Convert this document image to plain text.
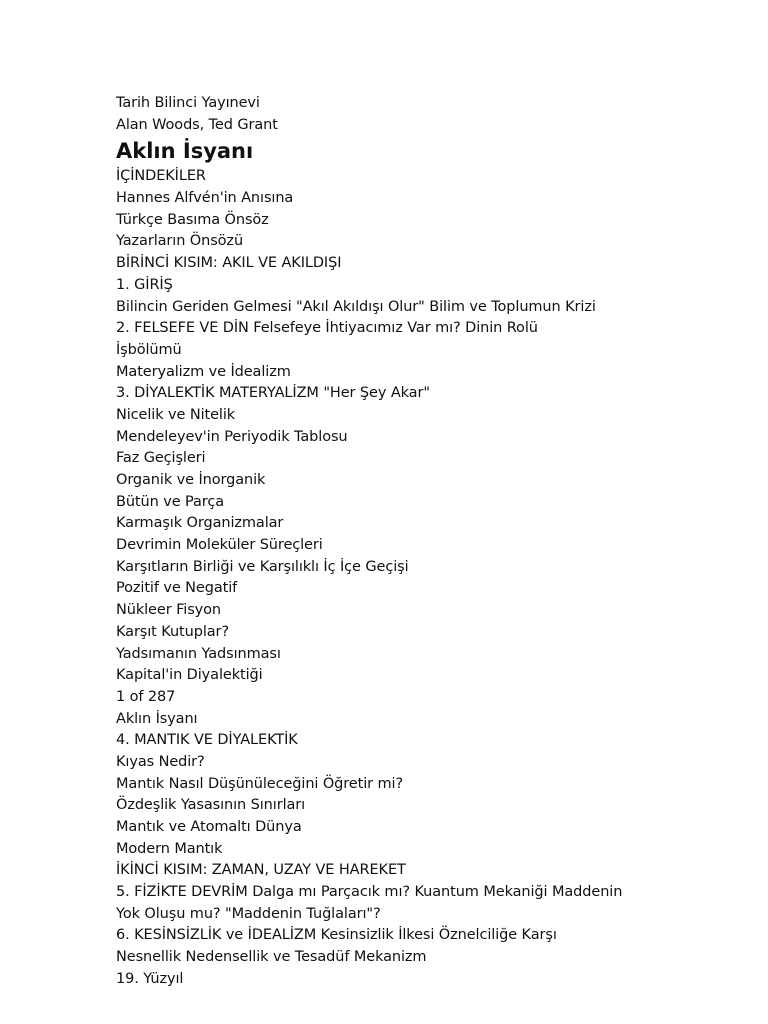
Tarih Bilinci Yayınevi
Alan Woods, Ted Grant
Aklın İsyanı
İÇİNDEKİLER
Hannes Alfvén'in Anısına
Türkçe Basıma Önsöz
Yazarların Önsözü
BİRİNCİ KISIM: AKIL VE AKILDIŞI
1. GİRİŞ
Bilincin Geriden Gelmesi "Akıl Akıldışı Olur" Bilim ve Toplumun Krizi
2. FELSEFE VE DİN Felsefeye İhtiyacımız Var mı? Dinin Rolü
İşbölümü
Materyalizm ve İdealizm
3. DİYALEKTİK MATERYALİZM "Her Şey Akar"
Nicelik ve Nitelik
Mendeleyev'in Periyodik Tablosu
Faz Geçişleri
Organik ve İnorganik
Bütün ve Parça
Karmaşık Organizmalar
Devrimin Moleküler Süreçleri
Karşıtların Birliği ve Karşılıklı İç İçe Geçişi
Pozitif ve Negatif
Nükleer Fisyon
Karşıt Kutuplar?
Yadsımanın Yadsınması
Kapital'in Diyalektiği
1 of 287
Aklın İsyanı
4. MANTIK VE DİYALEKTİK
Kıyas Nedir?
Mantık Nasıl Düşünüleceğini Öğretir mi?
Özdeşlik Yasasının Sınırları
Mantık ve Atomaltı Dünya
Modern Mantık
İKİNCİ KISIM: ZAMAN, UZAY VE HAREKET
5. FİZİKTE DEVRİM Dalga mı Parçacık mı? Kuantum Mekaniği Maddenin
Yok Oluşu mu? "Maddenin Tuğlaları"?
6. KESİNSİZLİK ve İDEALİZM Kesinsizlik İlkesi Öznelciliğe Karşı
Nesnellik Nedensellik ve Tesadüf Mekanizm
19. Yüzyıl
